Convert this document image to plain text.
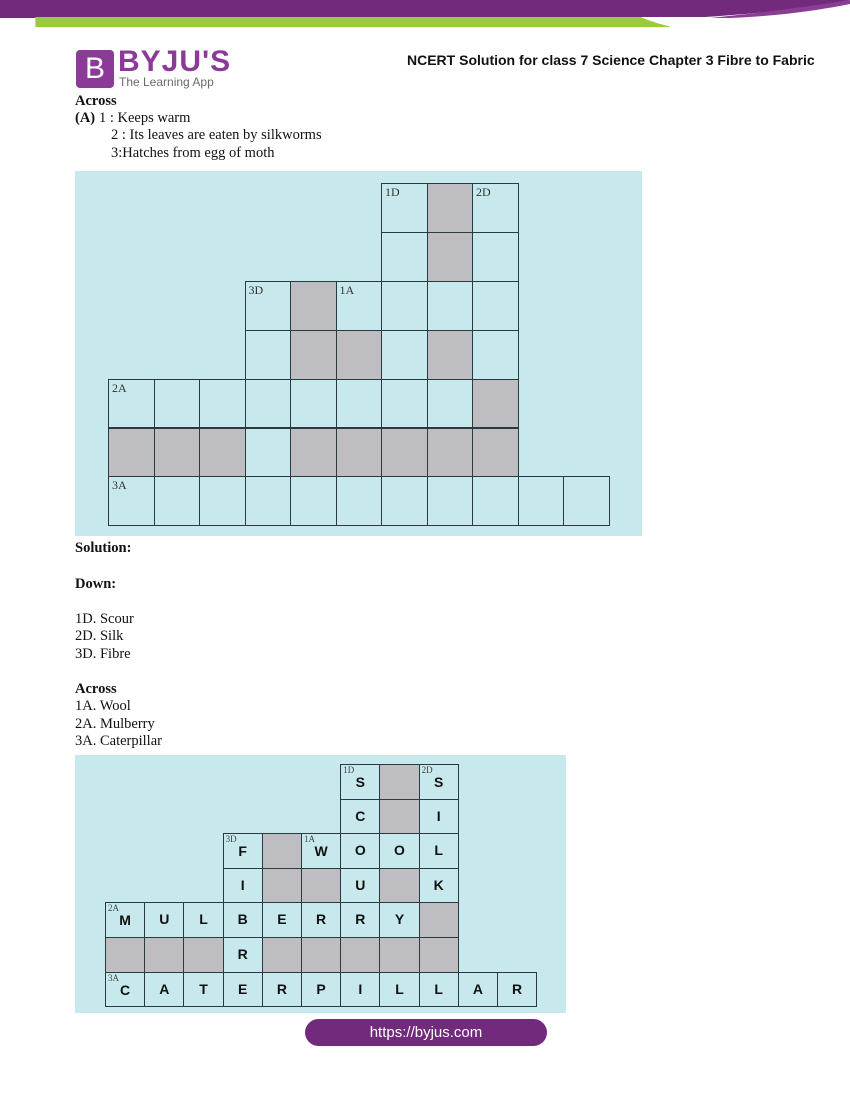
B BYJU'S
The Learning App
NCERT Solution for class 7 Science Chapter 3 Fibre to Fabric
Across
(A) 1 : Keeps warm
2 : Its leaves are eaten by silkworms
3:Hatches from egg of moth
1D	2D
3D	1A
2A
3A
Solution:
Down:
1D. Scour
2D. Silk
3D. Fibre
Across
1A. Wool
2A. Mulberry
3A. Caterpillar
1D
S
2D
S
C	I
3D
F
1A
W	O	O	L
I	U	K
2A
M	U	L	B	E	R	R	Y
R
3A
C	A	T	E	R	P	I	L	L	A	R
https://byjus.com
